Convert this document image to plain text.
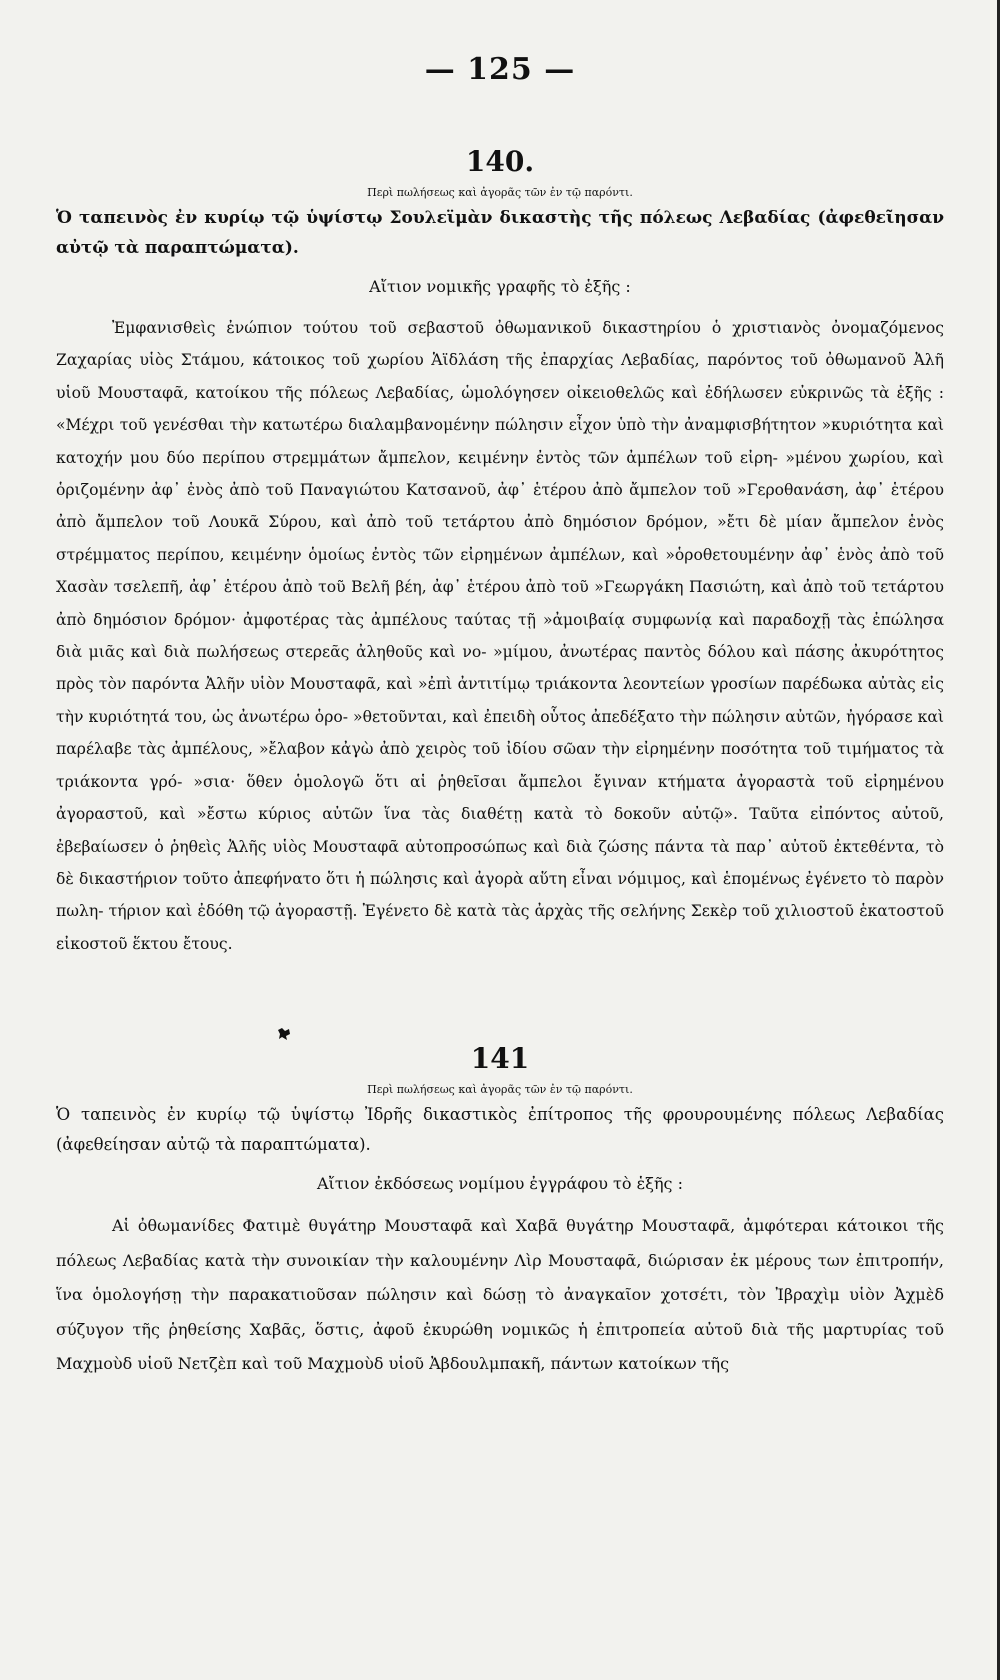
— 125 —

140.

Περὶ πωλήσεως καὶ ἀγορᾶς τῶν ἐν τῷ παρόντι.

Ὁ ταπεινὸς ἐν κυρίῳ τῷ ὑψίστῳ Σουλεϊμὰν δικαστὴς τῆς πόλεως Λεβαδίας (ἀφεθεῖησαν αὐτῷ τὰ παραπτώματα).

Αἴτιον νομικῆς γραφῆς τὸ ἑξῆς :

Ἐμφανισθεὶς ἐνώπιον τούτου τοῦ σεβαστοῦ ὀθωμανικοῦ δικαστηρίου ὁ χριστιανὸς ὀνομαζόμενος Ζαχαρίας υἱὸς Στάμου, κάτοικος τοῦ χωρίου Ἁϊδλάση τῆς ἐπαρχίας Λεβαδίας, παρόντος τοῦ ὀθωμανοῦ Ἀλῆ υἱοῦ Μουσταφᾶ, κατοίκου τῆς πόλεως Λεβαδίας, ὡμολόγησεν οἰκειοθελῶς καὶ ἐδήλωσεν εὐκρινῶς τὰ ἑξῆς : «Μέχρι τοῦ γενέσθαι τὴν κατωτέρω διαλαμβανομένην πώλησιν εἶχον ὑπὸ τὴν ἀναμφισβήτητον »κυριότητα καὶ κατοχήν μου δύο περίπου στρεμμάτων ἄμπελον, κειμένην ἐντὸς τῶν ἀμπέλων τοῦ εἰρη- »μένου χωρίου, καὶ ὁριζομένην ἀφ᾽ ἑνὸς ἀπὸ τοῦ Παναγιώτου Κατσανοῦ, ἀφ᾽ ἑτέρου ἀπὸ ἄμπελον τοῦ »Γεροθανάση, ἀφ᾽ ἑτέρου ἀπὸ ἄμπελον τοῦ Λουκᾶ Σύρου, καὶ ἀπὸ τοῦ τετάρτου ἀπὸ δημόσιον δρόμον, »ἔτι δὲ μίαν ἄμπελον ἑνὸς στρέμματος περίπου, κειμένην ὁμοίως ἐντὸς τῶν εἰρημένων ἀμπέλων, καὶ »ὁροθετουμένην ἀφ᾽ ἑνὸς ἀπὸ τοῦ Χασὰν τσελεπῆ, ἀφ᾽ ἑτέρου ἀπὸ τοῦ Βελῆ βέη, ἀφ᾽ ἑτέρου ἀπὸ τοῦ »Γεωργάκη Πασιώτη, καὶ ἀπὸ τοῦ τετάρτου ἀπὸ δημόσιον δρόμον· ἀμφοτέρας τὰς ἀμπέλους ταύτας τῇ »ἀμοιβαίᾳ συμφωνίᾳ καὶ παραδοχῇ τὰς ἐπώλησα διὰ μιᾶς καὶ διὰ πωλήσεως στερεᾶς ἀληθοῦς καὶ νο- »μίμου, ἀνωτέρας παντὸς δόλου καὶ πάσης ἀκυρότητος πρὸς τὸν παρόντα Ἀλῆν υἱὸν Μουσταφᾶ, καὶ »ἐπὶ ἀντιτίμῳ τριάκοντα λεοντείων γροσίων παρέδωκα αὐτὰς εἰς τὴν κυριότητά του, ὡς ἀνωτέρω ὁρο- »θετοῦνται, καὶ ἐπειδὴ οὗτος ἀπεδέξατο τὴν πώλησιν αὐτῶν, ἠγόρασε καὶ παρέλαβε τὰς ἀμπέλους, »ἔλαβον κἀγὼ ἀπὸ χειρὸς τοῦ ἰδίου σῶαν τὴν εἰρημένην ποσότητα τοῦ τιμήματος τὰ τριάκοντα γρό- »σια· ὅθεν ὁμολογῶ ὅτι αἱ ῥηθεῖσαι ἄμπελοι ἔγιναν κτήματα ἀγοραστὰ τοῦ εἰρημένου ἀγοραστοῦ, καὶ »ἔστω κύριος αὐτῶν ἵνα τὰς διαθέτῃ κατὰ τὸ δοκοῦν αὐτῷ». Ταῦτα εἰπόντος αὐτοῦ, ἐβεβαίωσεν ὁ ῥηθεὶς Ἀλῆς υἱὸς Μουσταφᾶ αὐτοπροσώπως καὶ διὰ ζώσης πάντα τὰ παρ᾽ αὐτοῦ ἐκτεθέντα, τὸ δὲ δικαστήριον τοῦτο ἀπεφήνατο ὅτι ἡ πώλησις καὶ ἀγορὰ αὕτη εἶναι νόμιμος, καὶ ἑπομένως ἐγένετο τὸ παρὸν πωλη- τήριον καὶ ἐδόθη τῷ ἀγοραστῇ. Ἐγένετο δὲ κατὰ τὰς ἀρχὰς τῆς σελήνης Σεκὲρ τοῦ χιλιοστοῦ ἑκατοστοῦ εἰκοστοῦ ἕκτου ἔτους.

141

Περὶ πωλήσεως καὶ ἀγορᾶς τῶν ἐν τῷ παρόντι.

Ὁ ταπεινὸς ἐν κυρίῳ τῷ ὑψίστῳ Ἰδρῆς δικαστικὸς ἐπίτροπος τῆς φρουρουμένης πόλεως Λεβαδίας (ἀφεθείησαν αὐτῷ τὰ παραπτώματα).

Αἴτιον ἐκδόσεως νομίμου ἐγγράφου τὸ ἑξῆς :

Αἱ ὀθωμανίδες Φατιμὲ θυγάτηρ Μουσταφᾶ καὶ Χαβᾶ θυγάτηρ Μουσταφᾶ, ἀμφότεραι κάτοικοι τῆς πόλεως Λεβαδίας κατὰ τὴν συνοικίαν τὴν καλουμένην Λὶρ Μουσταφᾶ, διώρισαν ἐκ μέρους των ἐπιτροπήν, ἵνα ὁμολογήσῃ τὴν παρακατιοῦσαν πώλησιν καὶ δώσῃ τὸ ἀναγκαῖον χοτσέτι, τὸν Ἰβραχὶμ υἱὸν Ἀχμὲδ σύζυγον τῆς ῥηθείσης Χαβᾶς, ὅστις, ἀφοῦ ἐκυρώθη νομικῶς ἡ ἐπιτροπεία αὐτοῦ διὰ τῆς μαρτυρίας τοῦ Μαχμοὺδ υἱοῦ Νετζὲπ καὶ τοῦ Μαχμοὺδ υἱοῦ Ἀβδουλμπακῆ, πάντων κατοίκων τῆς
